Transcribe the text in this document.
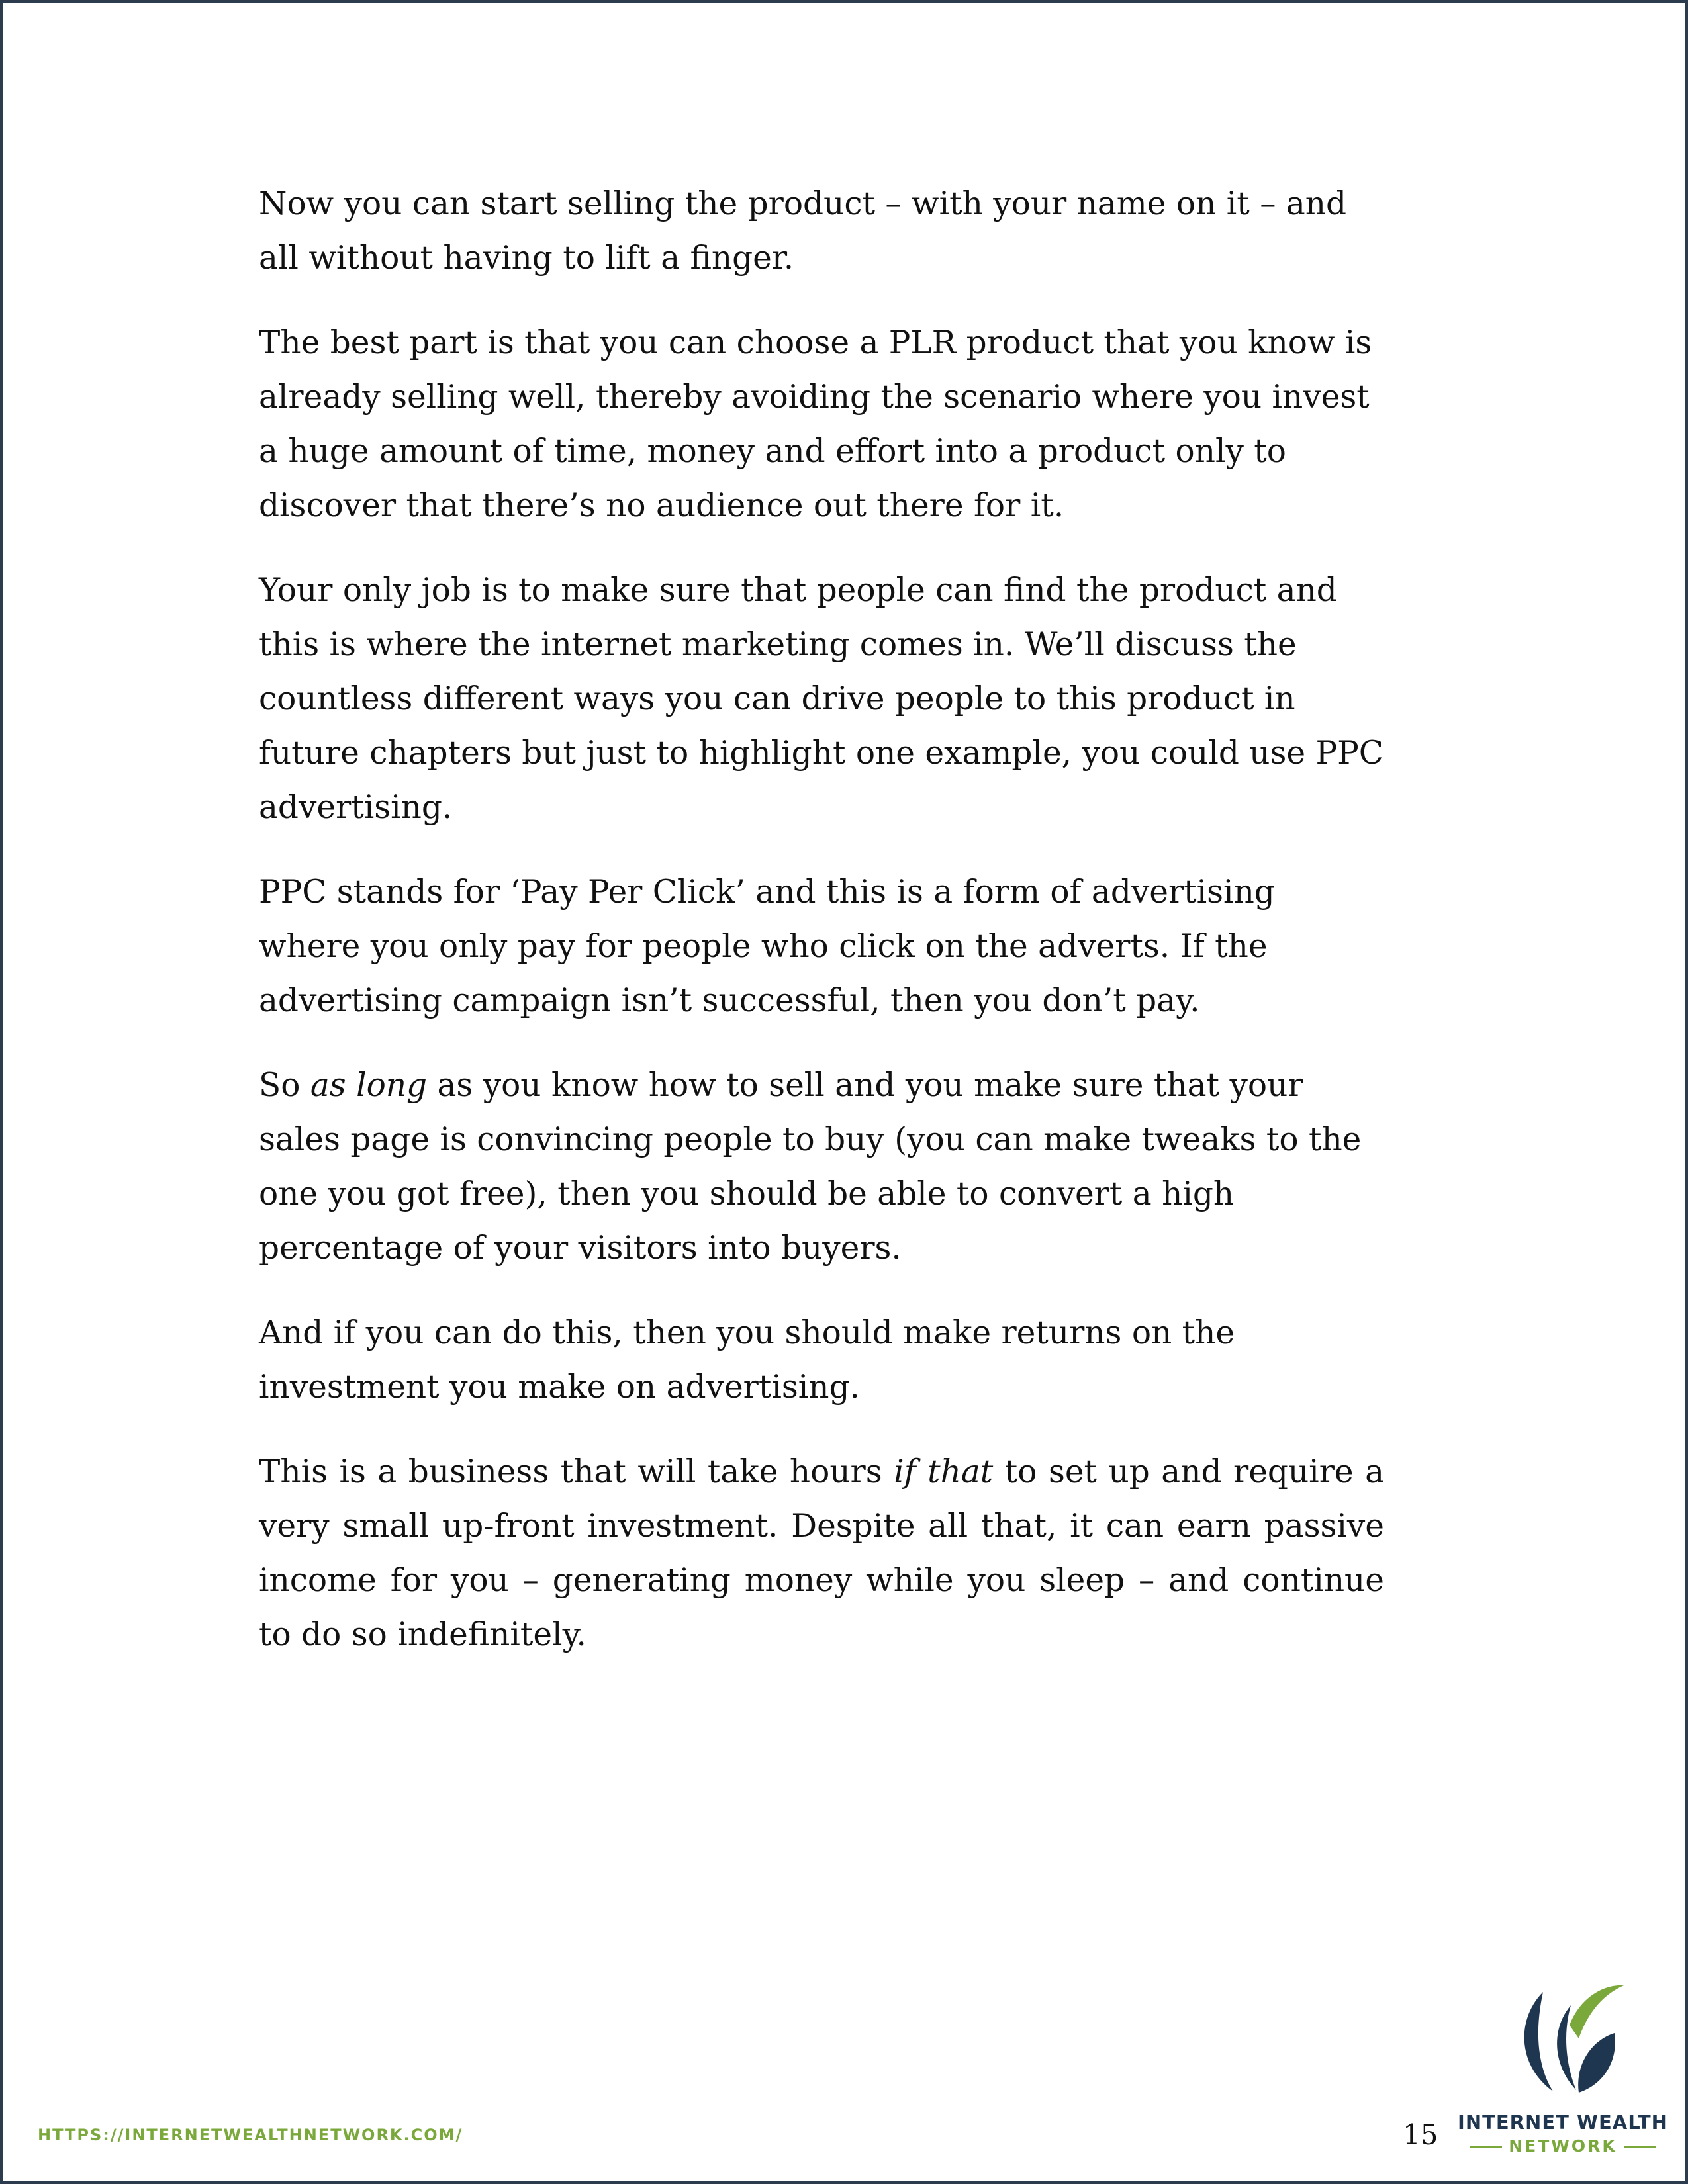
Now you can start selling the product – with your name on it – and all without having to lift a finger.

The best part is that you can choose a PLR product that you know is already selling well, thereby avoiding the scenario where you invest a huge amount of time, money and effort into a product only to discover that there’s no audience out there for it.

Your only job is to make sure that people can find the product and this is where the internet marketing comes in. We’ll discuss the countless different ways you can drive people to this product in future chapters but just to highlight one example, you could use PPC advertising.

PPC stands for ‘Pay Per Click’ and this is a form of advertising where you only pay for people who click on the adverts. If the advertising campaign isn’t successful, then you don’t pay.

So as long as you know how to sell and you make sure that your sales page is convincing people to buy (you can make tweaks to the one you got free), then you should be able to convert a high percentage of your visitors into buyers.

And if you can do this, then you should make returns on the investment you make on advertising.

This is a business that will take hours if that to set up and require a very small up-front investment. Despite all that, it can earn passive income for you – generating money while you sleep – and continue to do so indefinitely.

HTTPS://INTERNETWEALTHNETWORK.COM/	15 INTERNET WEALTH
NETWORK
